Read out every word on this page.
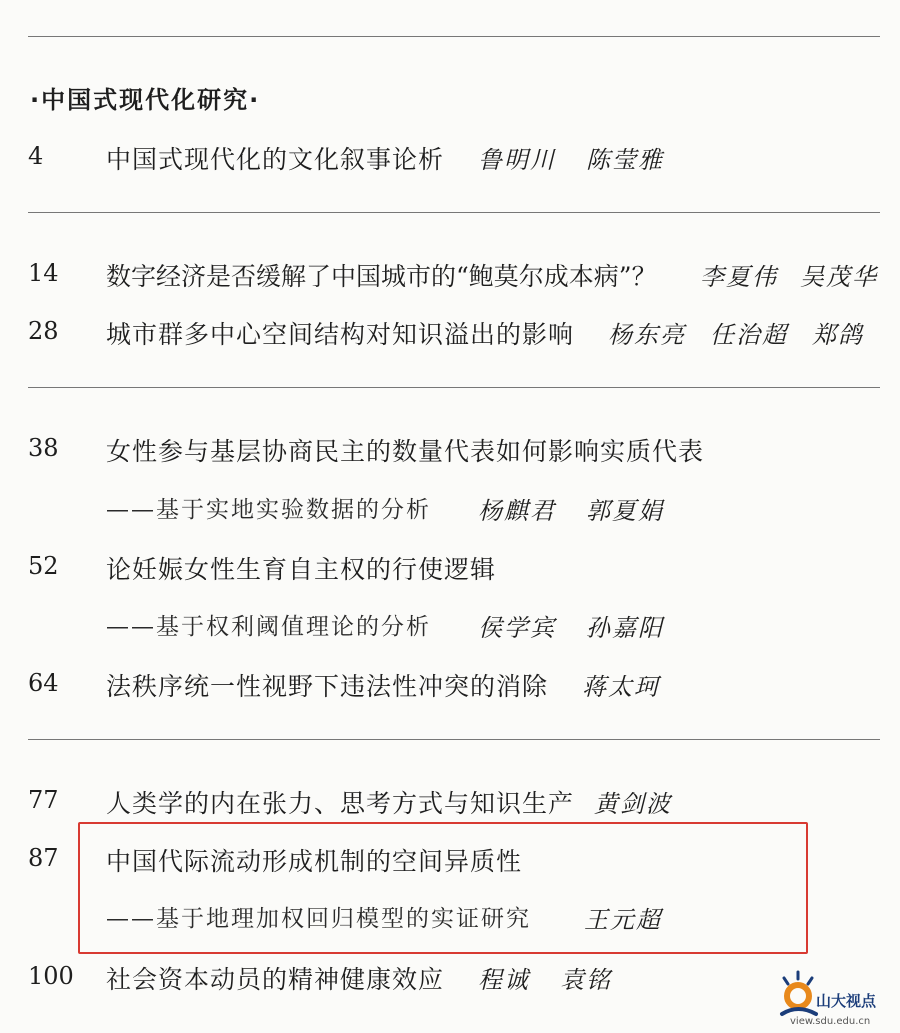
·中国式现代化研究·
4	中国式现代化的文化叙事论析 鲁明川 陈莹雅
14 数字经济是否缓解了中国城市的“鲍莫尔成本病”？ 李夏伟 吴茂华
28 城市群多中心空间结构对知识溢出的影响 杨东亮 任治超 郑鸽
38 女性参与基层协商民主的数量代表如何影响实质代表
——基于实地实验数据的分析 杨麒君 郭夏娟
52 论妊娠女性生育自主权的行使逻辑
——基于权利阈值理论的分析 侯学宾 孙嘉阳
64 法秩序统一性视野下违法性冲突的消除 蒋太珂
77 人类学的内在张力、思考方式与知识生产 黄剑波
87 中国代际流动形成机制的空间异质性
——基于地理加权回归模型的实证研究 王元超
100 社会资本动员的精神健康效应 程诚 袁铭
山大视点
view.sdu.edu.cn
